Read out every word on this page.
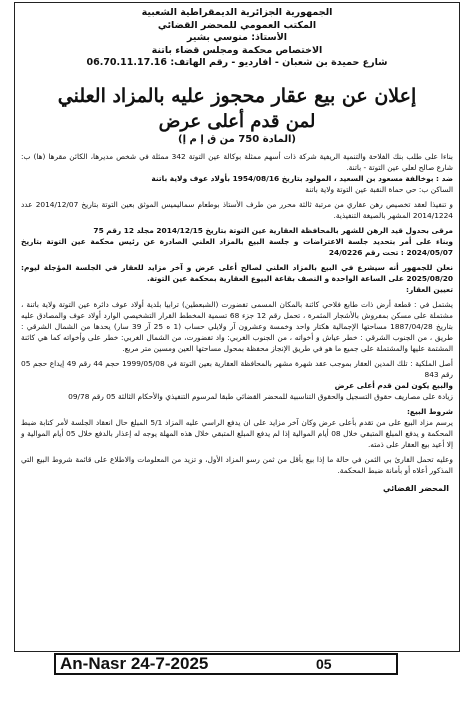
الجمهورية الجزائرية الديمقراطية الشعبية
المكتب العمومي للمحضر القضائي
الأستاذ: منوسي بشير
الاختصاص محكمة ومجلس قضاء باتنة
شارع حميدة بن شعبان - أفارديو - رقم الهاتف: 06.70.11.17.16
إعلان عن بيع عقار محجوز عليه بالمزاد العلني
لمن قدم أعلى عرض
(المادة 750 من ق إ م إ)

بناءا على طلب بنك الفلاحة والتنمية الريفية شركة ذات أسهم ممثلة بوكالة عين التوتة 342 ممثلة في شخص مديرها، الكائن مقرها (ها) ب: شارع صالح لعلي عين التوتة - باتنة.

ضد : بوخالفة مسعود بن السعيد ، المولود بتاريخ 1954/08/16 بأولاد عوف ولاية باتنة

الساكن ب: حي حماة النقبة عين التوتة ولاية باتنة

و تنفيذا لعقد تخصيص رهن عقاري من مرتبة ثالثة محرر من طرف الأستاذ بوطعام سماليميس الموثق بعين التوتة بتاريخ 2014/12/07 عدد 2014/1224 المشهر بالصيغة التنفيذية.

مرقى بحدول قيد الرهن للشهر بالمحافظة العقارية عين التوتة بتاريخ 2014/12/15 مجلد 12 رقم 75

وبناء على أمر بتحديد جلسة الاعتراضات و جلسة البيع بالمزاد العلني الصادرة عن رئيس محكمة عين التوتة بتاريخ 2024/05/07 : تحت رقم 24/0226

نعلن للجمهور أنه سيشرع في البيع بالمزاد العلني لصالح أعلى عرض و آخر مزايد للعقار في الجلسة المؤجلة ليوم: 2025/08/20 على الساعة الواحدة و النصف بقاعة البيوع العقارية بمحكمة عين التوتة.

تعيين العقار:

يشتمل في : قطعة أرض ذات طابع فلاحي كائنة بالمكان المسمى تفضورت (الشبعطين) ترابيا بلدية أولاد عوف دائرة عين التوتة ولاية باتنة ، مشتملة على مسكن بمفروش بالأشجار المثمرة ، تحمل رقم 12 جزء 68 تسمية المخطط القرار التشخيصي الوارد أولاد عوف والمصادق عليه بتاريخ 1887/04/28 مساحتها الإجمالية هكتار واحد وخمسة وعشرون آر ولايلي حساب (1 ه 25 آر 39 سار) يحدها من الشمال الشرقي : طريق ، من الجنوب الشرقي : خطر عياش و أخواته ، من الجنوب الغربي: واد تفضورت، من الشمال الغربي: خطر على وأخواته كما هي كائنة المشتمة عليها والمشتملة على جميع ما هو في طريق الإنجاز محفظة بمحول مساحتها العين ومسين متر مربع.

أصل الملكية : تلك المدين العقار بموجب عقد شهرة مشهر بالمحافظة العقارية بعين التوتة في 1999/05/08 حجم 44 رقم 49 إيداع حجم 05 رقم 843

والبيع يكون لمن قدم أعلى عرض

زيادة على مصاريف حقوق التسجيل والحقوق التناسبية للمحضر القضائي طبقا لمرسوم التنفيذي والأحكام الثالثة 05 رقم 09/78

شروط البيع:

يرسم مزاد البيع على من تقدم بأعلى عرض وكان آخر مزايد على ان يدفع الراسي عليه المزاد 5/1 المبلغ حال انعقاد الجلسة لأمر كتابة ضبط المحكمة و يدفع المبلغ المتبقي خلال 08 أيام الموالية إذا لم يدفع المبلغ المتبقي خلال هذه المهلة يوجه له إعذار بالدفع خلال 05 أيام الموالية و إلا أعيد بيع العقار على ذمته.

وعليه تحمل القارئ بي الثمن في حالة ما إذا بيع بأقل من ثمن رسو المزاد الأول، و تزيد من المعلومات والاطلاع على قائمة شروط البيع التي المذكور أعلاه أو بأمانة ضبط المحكمة.

المحضر القضائي
An-Nasr 24-7-2025	05
